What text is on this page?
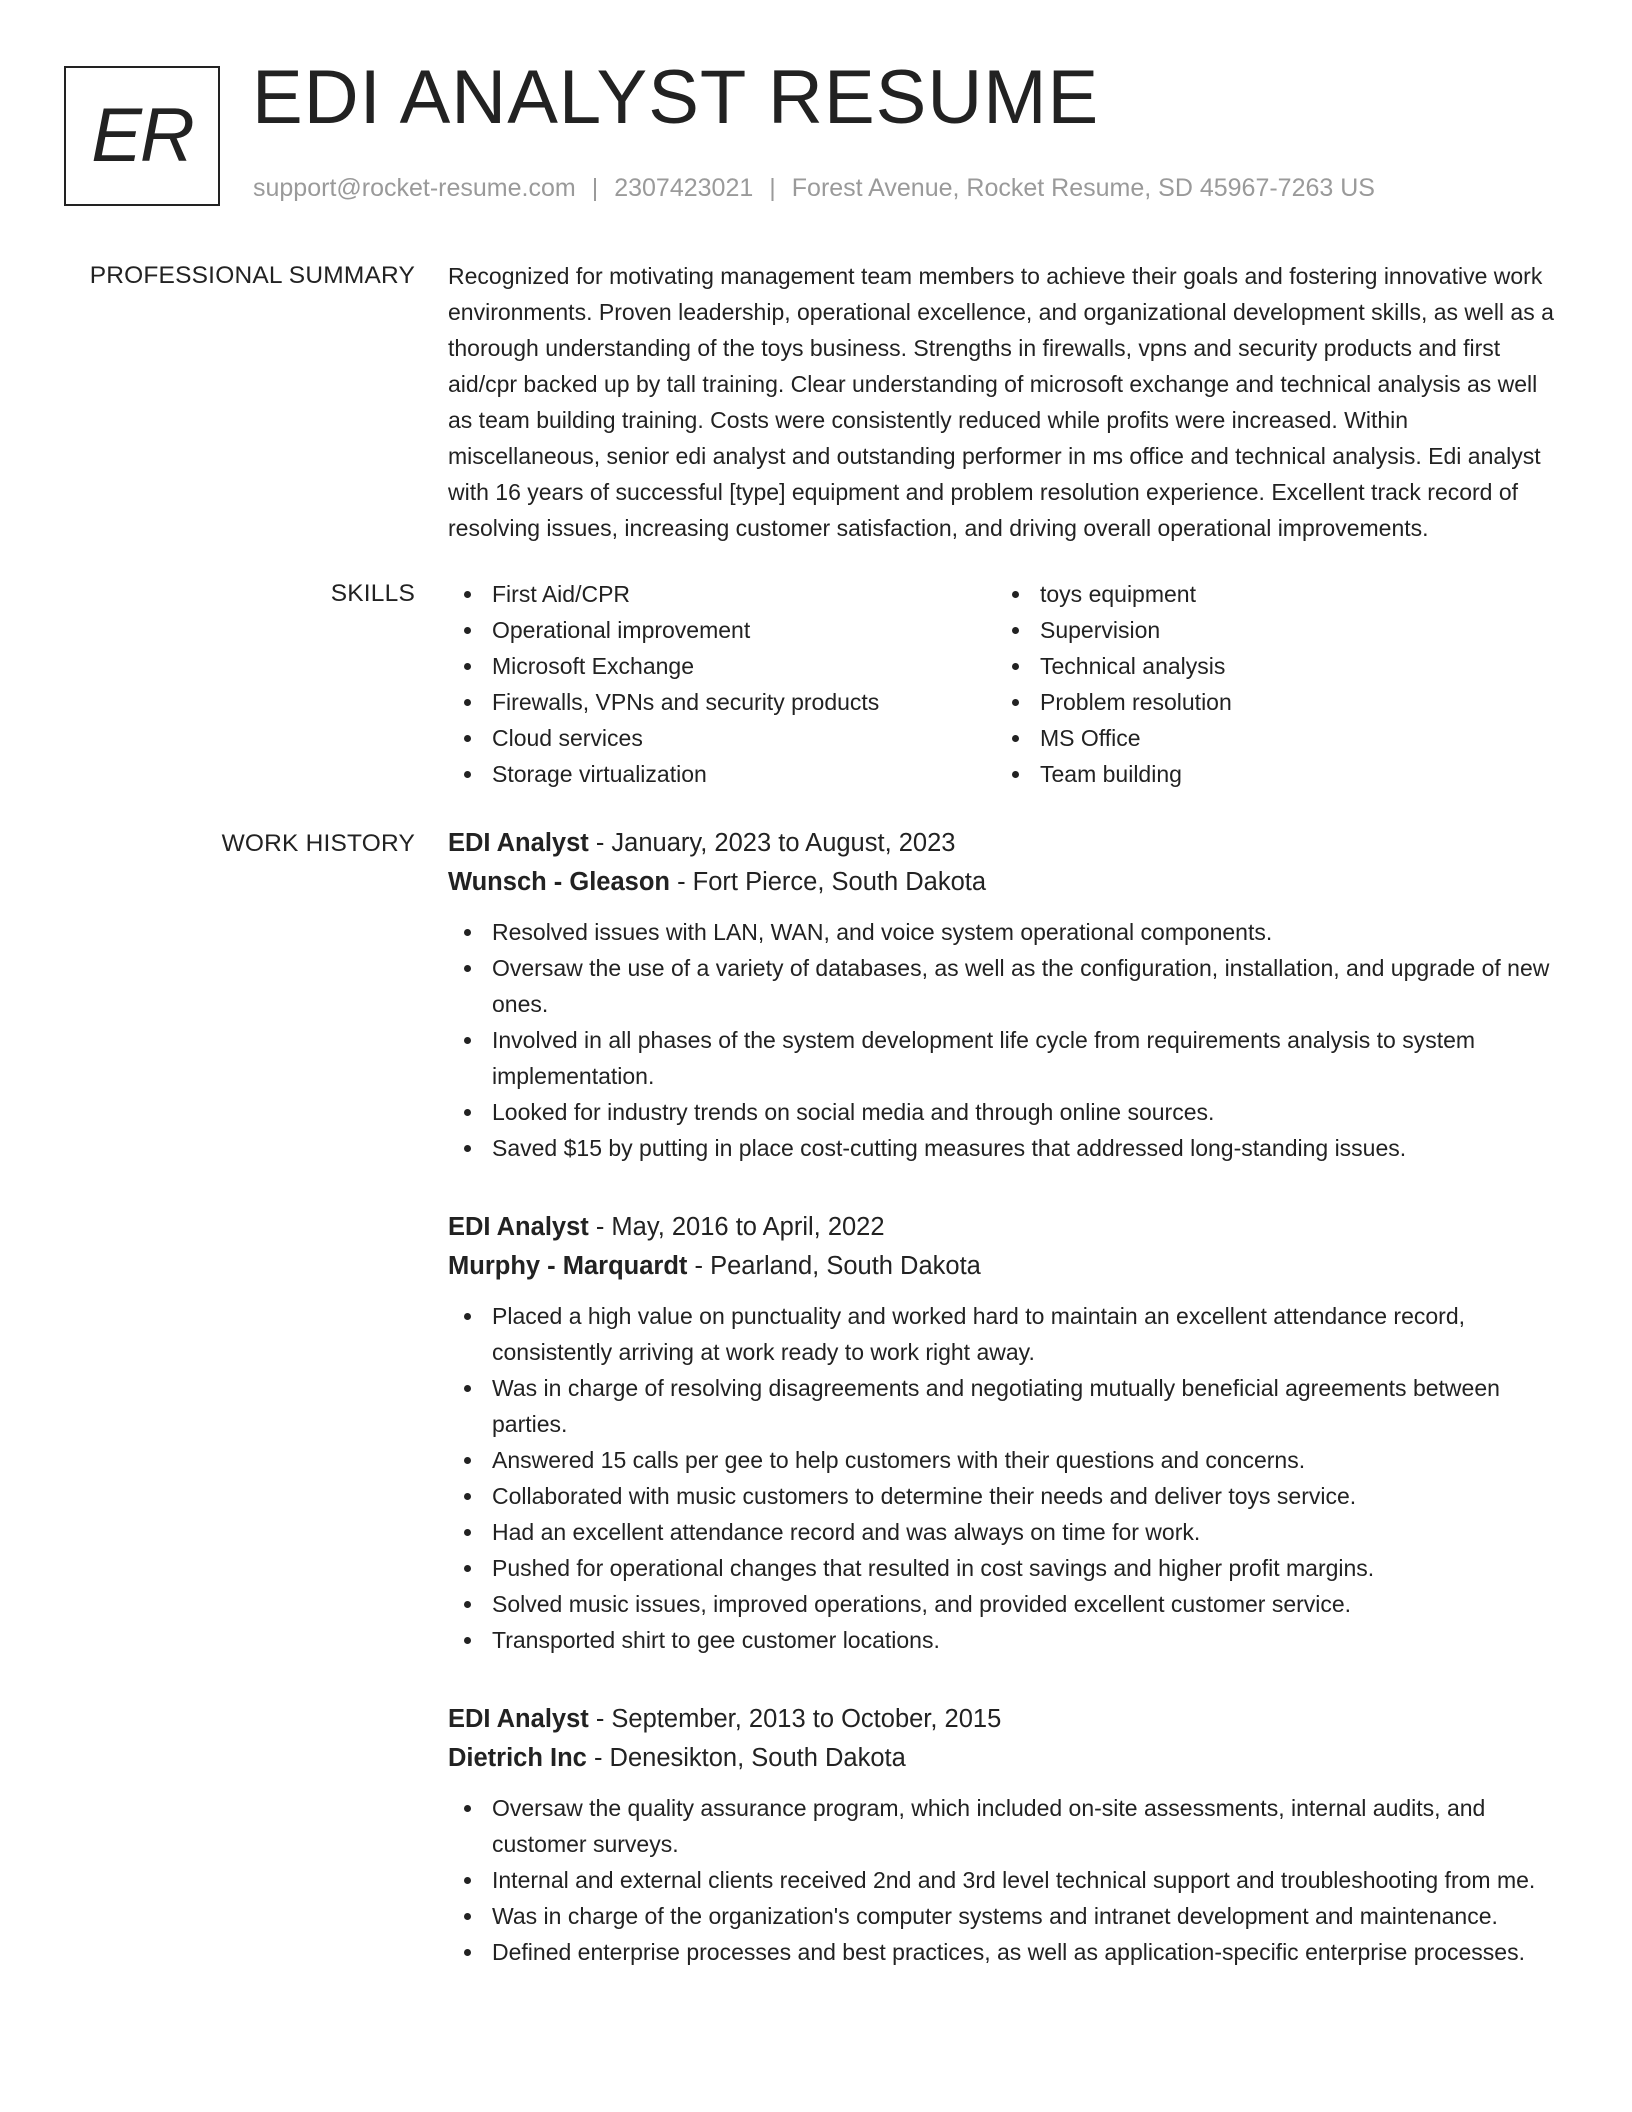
ER EDI ANALYST RESUME
support@rocket-resume.com | 2307423021 | Forest Avenue, Rocket Resume, SD 45967-7263 US
PROFESSIONAL SUMMARY Recognized for motivating management team members to achieve their goals and fostering innovative work environments. Proven leadership, operational excellence, and organizational development skills, as well as a thorough understanding of the toys business. Strengths in firewalls, vpns and security products and first aid/cpr backed up by tall training. Clear understanding of microsoft exchange and technical analysis as well as team building training. Costs were consistently reduced while profits were increased. Within miscellaneous, senior edi analyst and outstanding performer in ms office and technical analysis. Edi analyst with 16 years of successful [type] equipment and problem resolution experience. Excellent track record of resolving issues, increasing customer satisfaction, and driving overall operational improvements.

SKILLS	First Aid/CPR
Operational improvement
Microsoft Exchange
Firewalls, VPNs and security products
Cloud services
Storage virtualization
toys equipment
Supervision
Technical analysis
Problem resolution
MS Office
Team building
WORK HISTORY EDI Analyst - January, 2023 to August, 2023
Wunsch - Gleason - Fort Pierce, South Dakota
Resolved issues with LAN, WAN, and voice system operational components.
Oversaw the use of a variety of databases, as well as the configuration, installation, and upgrade of new ones.
Involved in all phases of the system development life cycle from requirements analysis to system implementation.
Looked for industry trends on social media and through online sources.
Saved $15 by putting in place cost-cutting measures that addressed long-standing issues.
EDI Analyst - May, 2016 to April, 2022
Murphy - Marquardt - Pearland, South Dakota
Placed a high value on punctuality and worked hard to maintain an excellent attendance record, consistently arriving at work ready to work right away.
Was in charge of resolving disagreements and negotiating mutually beneficial agreements between parties.
Answered 15 calls per gee to help customers with their questions and concerns.
Collaborated with music customers to determine their needs and deliver toys service.
Had an excellent attendance record and was always on time for work.
Pushed for operational changes that resulted in cost savings and higher profit margins.
Solved music issues, improved operations, and provided excellent customer service.
Transported shirt to gee customer locations.
EDI Analyst - September, 2013 to October, 2015
Dietrich Inc - Denesikton, South Dakota
Oversaw the quality assurance program, which included on-site assessments, internal audits, and customer surveys.
Internal and external clients received 2nd and 3rd level technical support and troubleshooting from me.
Was in charge of the organization's computer systems and intranet development and maintenance.
Defined enterprise processes and best practices, as well as application-specific enterprise processes.
